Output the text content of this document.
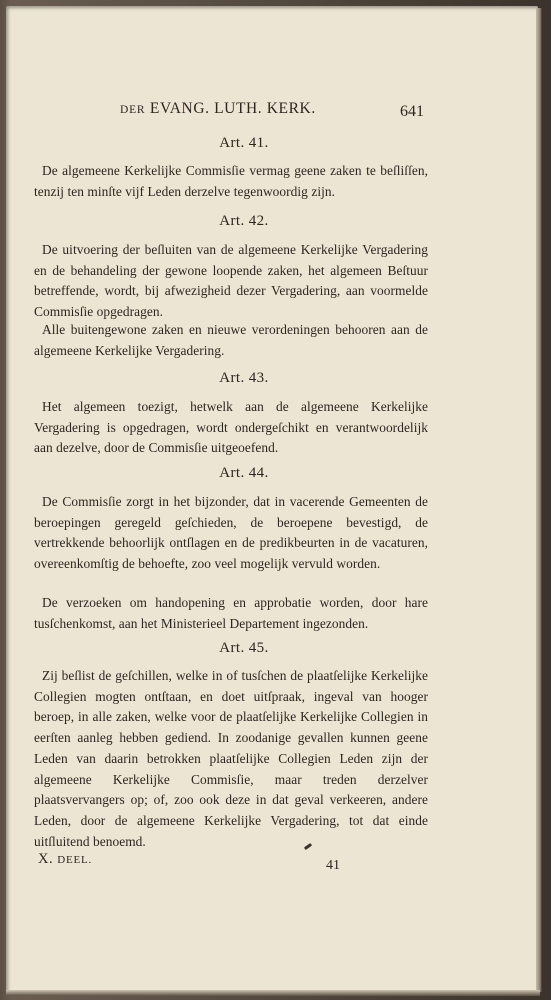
DER EVANG. LUTH. KERK.	641
Art. 41.
De algemeene Kerkelijke Commisſie vermag geene zaken te beſliſſen, tenzij ten minſte vijf Leden derzelve tegenwoordig zijn.
Art. 42.
De uitvoering der beſluiten van de algemeene Kerkelijke Vergadering en de behandeling der gewone loopende zaken, het algemeen Beſtuur betreffende, wordt, bij afwezigheid dezer Vergadering, aan voormelde Commisſie opgedragen.
Alle buitengewone zaken en nieuwe verordeningen behooren aan de algemeene Kerkelijke Vergadering.
Art. 43.
Het algemeen toezigt, hetwelk aan de algemeene Kerkelijke Vergadering is opgedragen, wordt ondergeſchikt en verantwoordelijk aan dezelve, door de Commisſie uitgeoefend.
Art. 44.
De Commisſie zorgt in het bijzonder, dat in vacerende Gemeenten de beroepingen geregeld geſchieden, de beroepene bevestigd, de vertrekkende behoorlijk ontſlagen en de predikbeurten in de vacaturen, overeenkomſtig de behoefte, zoo veel mogelijk vervuld worden.
De verzoeken om handopening en approbatie worden, door hare tusſchenkomst, aan het Ministerieel Departement ingezonden.
Art. 45.
Zij beſlist de geſchillen, welke in of tusſchen de plaatſelijke Kerkelijke Collegien mogten ontſtaan, en doet uitſpraak, ingeval van hooger beroep, in alle zaken, welke voor de plaatſelijke Kerkelijke Collegien in eerſten aanleg hebben gediend. In zoodanige gevallen kunnen geene Leden van daarin betrokken plaatſelijke Collegien Leden zijn der algemeene Kerkelijke Commisſie, maar treden derzelver plaatsvervangers op; of, zoo ook deze in dat geval verkeeren, andere Leden, door de algemeene Kerkelijke Vergadering, tot dat einde uitſluitend benoemd.
X. DEEL.	41
